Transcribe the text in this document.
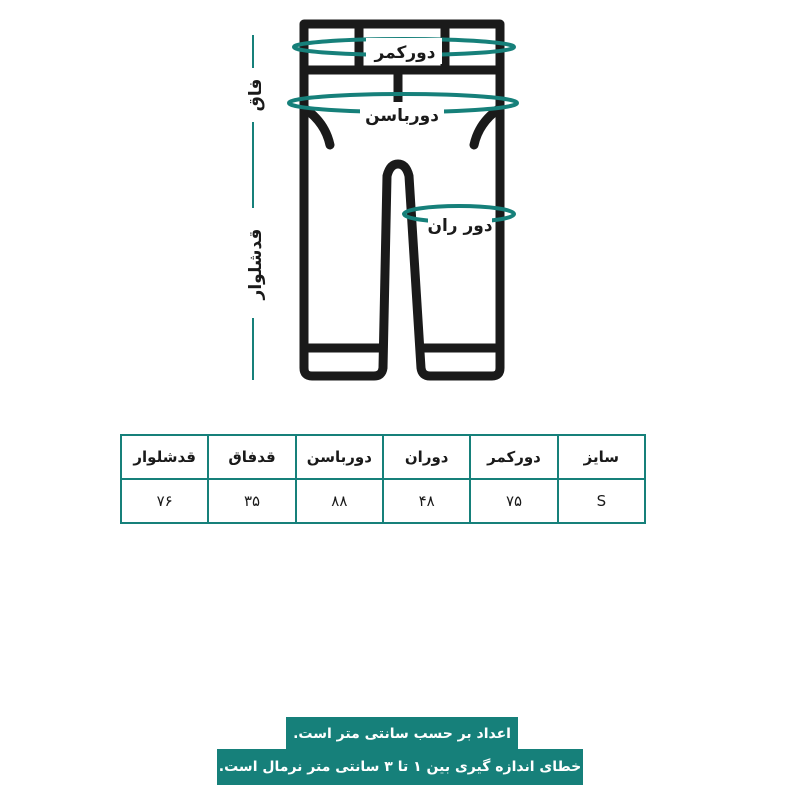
دورکمر
دورباسن
دور ران
فاق
قدشلوار
سایز	دورکمر	دوران	دورباسن	قدفاق	قدشلوار
S	۷۵	۴۸	۸۸	۳۵	۷۶
اعداد بر حسب سانتی متر است.
خطای اندازه گیری بین ۱ تا ۳ سانتی متر نرمال است.
